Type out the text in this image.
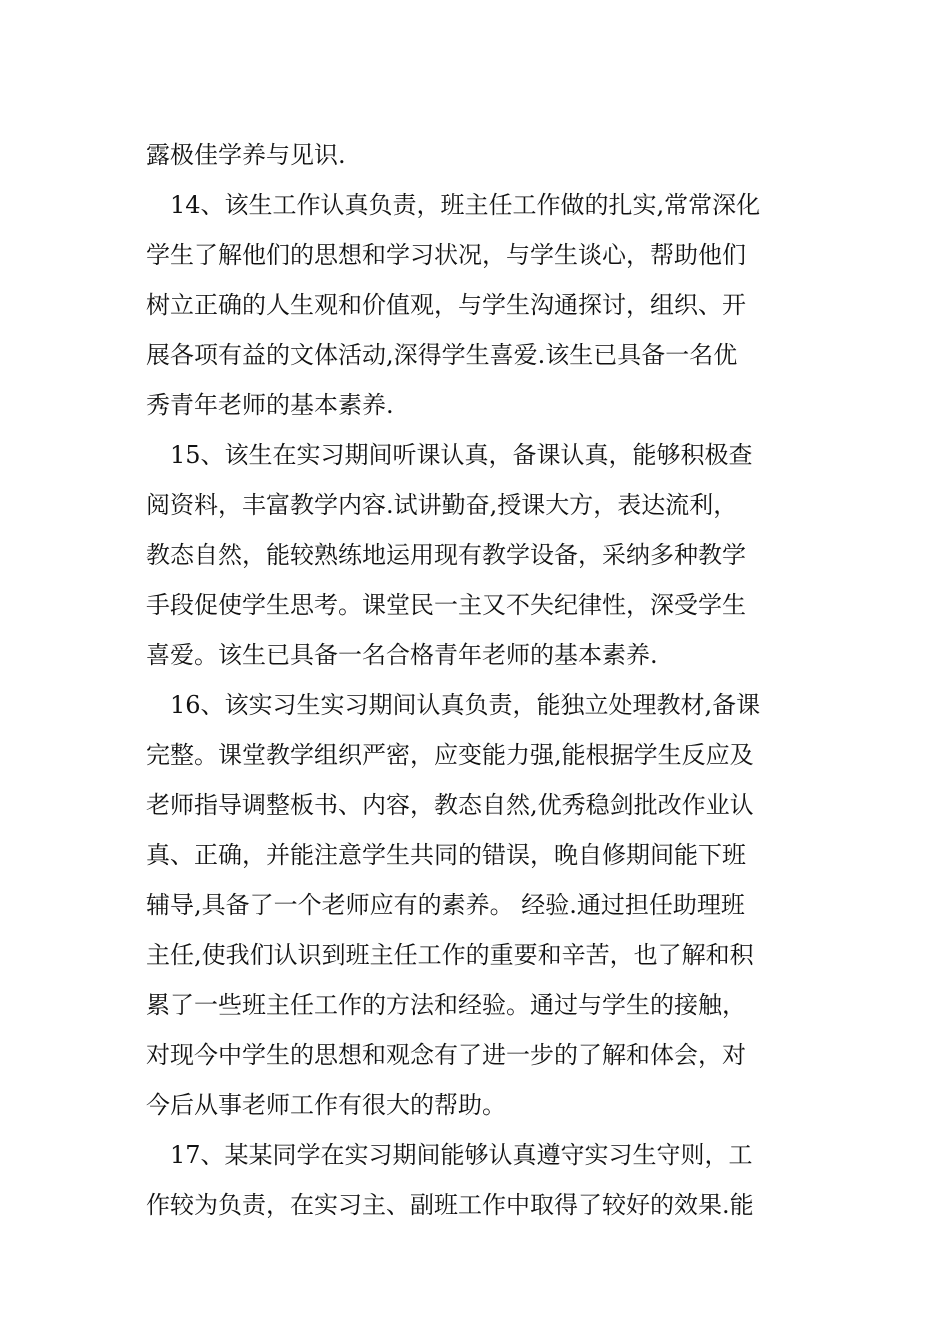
露极佳学养与见识.
14、该生工作认真负责，班主任工作做的扎实,常常深化
学生了解他们的思想和学习状况，与学生谈心，帮助他们
树立正确的人生观和价值观，与学生沟通探讨，组织、开
展各项有益的文体活动,深得学生喜爱.该生已具备一名优
秀青年老师的基本素养.
15、该生在实习期间听课认真，备课认真，能够积极查
阅资料，丰富教学内容.试讲勤奋,授课大方，表达流利，
教态自然，能较熟练地运用现有教学设备，采纳多种教学
手段促使学生思考。课堂民一主又不失纪律性，深受学生
喜爱。该生已具备一名合格青年老师的基本素养.
16、该实习生实习期间认真负责，能独立处理教材,备课
完整。课堂教学组织严密，应变能力强,能根据学生反应及
老师指导调整板书、内容，教态自然,优秀稳剑批改作业认
真、正确，并能注意学生共同的错误，晚自修期间能下班
辅导,具备了一个老师应有的素养。 经验.通过担任助理班
主任,使我们认识到班主任工作的重要和辛苦，也了解和积
累了一些班主任工作的方法和经验。通过与学生的接触，
对现今中学生的思想和观念有了进一步的了解和体会，对
今后从事老师工作有很大的帮助。
17、某某同学在实习期间能够认真遵守实习生守则，工
作较为负责，在实习主、副班工作中取得了较好的效果.能
